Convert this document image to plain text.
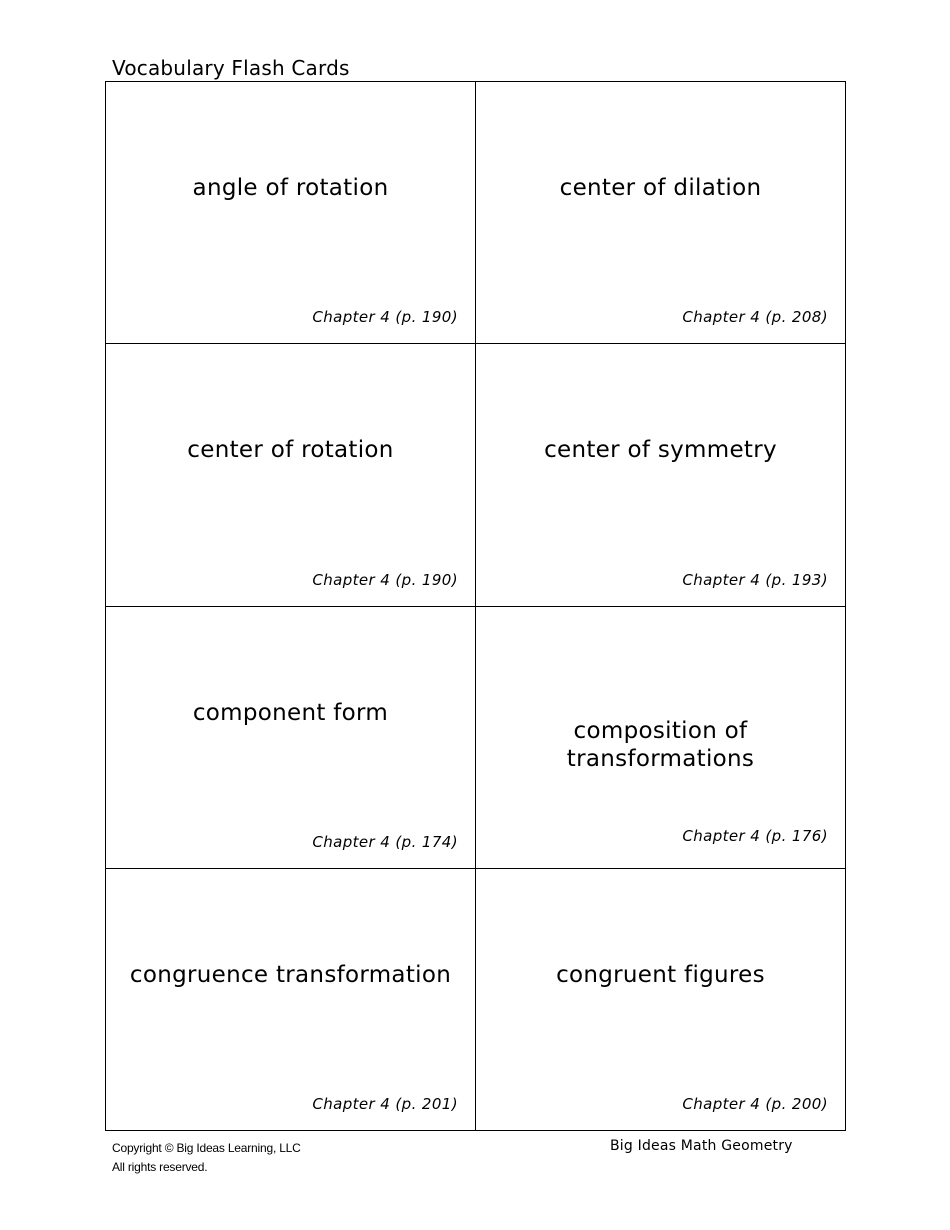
Vocabulary Flash Cards
angle of rotation
Chapter 4 (p. 190)
center of dilation
Chapter 4 (p. 208)
center of rotation
Chapter 4 (p. 190)
center of symmetry
Chapter 4 (p. 193)
component form
Chapter 4 (p. 174)
composition of transformations
Chapter 4 (p. 176)
congruence transformation
Chapter 4 (p. 201)
congruent figures
Chapter 4 (p. 200)
Copyright © Big Ideas Learning, LLC
All rights reserved.
Big Ideas Math Geometry
